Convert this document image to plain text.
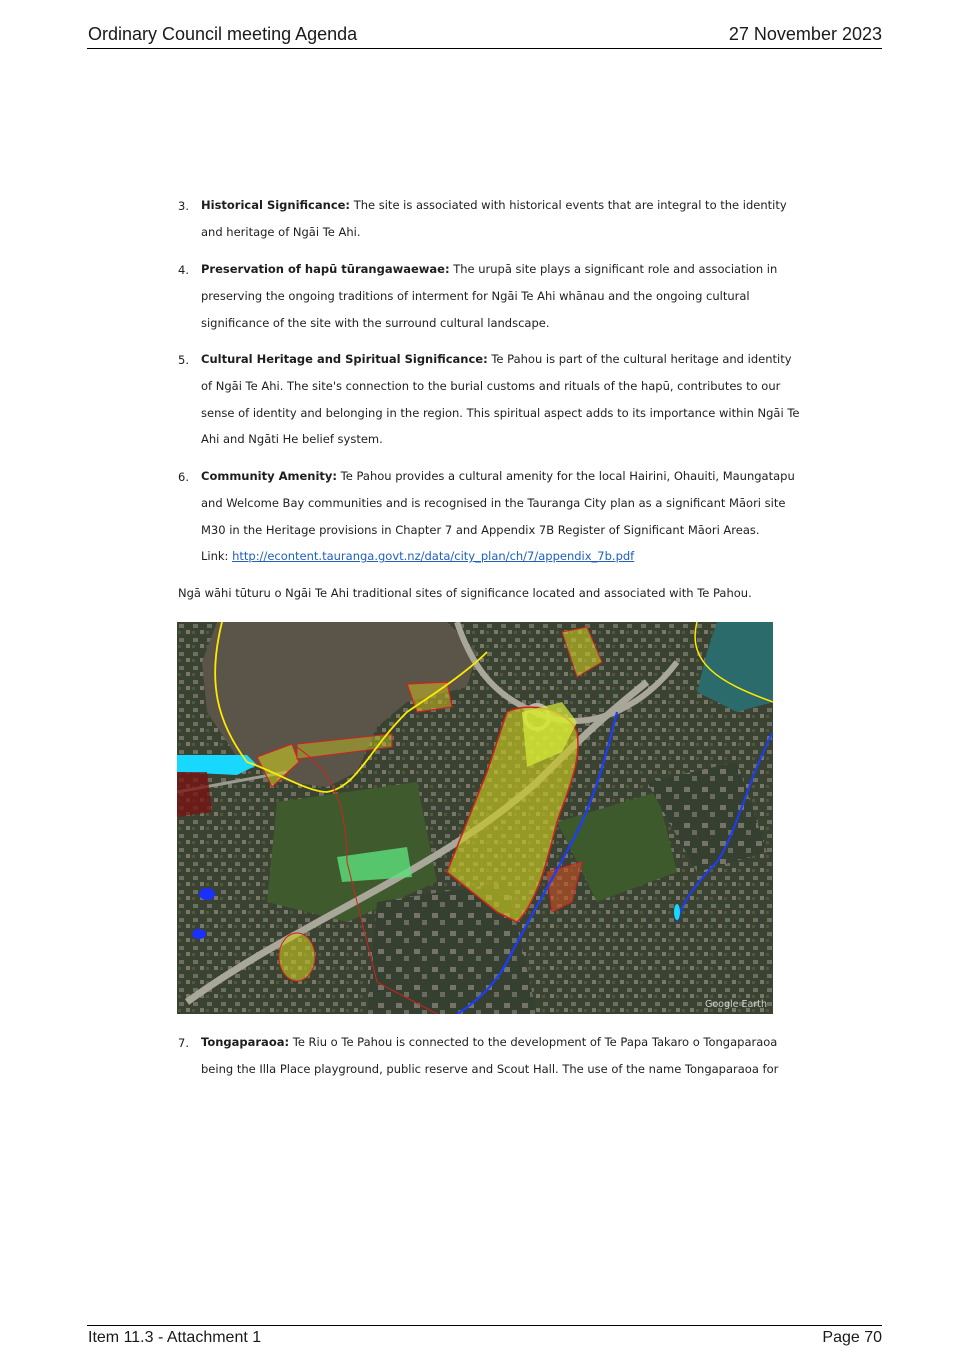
Ordinary Council meeting Agenda	27 November 2023
3. Historical Significance: The site is associated with historical events that are integral to the identity and heritage of Ngāi Te Ahi.
4. Preservation of hapū tūrangawaewae: The urupā site plays a significant role and association in preserving the ongoing traditions of interment for Ngāi Te Ahi whānau and the ongoing cultural significance of the site with the surround cultural landscape.
5. Cultural Heritage and Spiritual Significance: Te Pahou is part of the cultural heritage and identity of Ngāi Te Ahi. The site's connection to the burial customs and rituals of the hapū, contributes to our sense of identity and belonging in the region. This spiritual aspect adds to its importance within Ngāi Te Ahi and Ngāti He belief system.
6. Community Amenity: Te Pahou provides a cultural amenity for the local Hairini, Ohauiti, Maungatapu and Welcome Bay communities and is recognised in the Tauranga City plan as a significant Māori site M30 in the Heritage provisions in Chapter 7 and Appendix 7B Register of Significant Māori Areas.
Link: http://econtent.tauranga.govt.nz/data/city_plan/ch/7/appendix_7b.pdf
Ngā wāhi tūturu o Ngāi Te Ahi traditional sites of significance located and associated with Te Pahou.
Google Earth
7. Tongaparaoa: Te Riu o Te Pahou is connected to the development of Te Papa Takaro o Tongaparaoa being the Illa Place playground, public reserve and Scout Hall. The use of the name Tongaparaoa for
Item 11.3 - Attachment 1	Page 70
